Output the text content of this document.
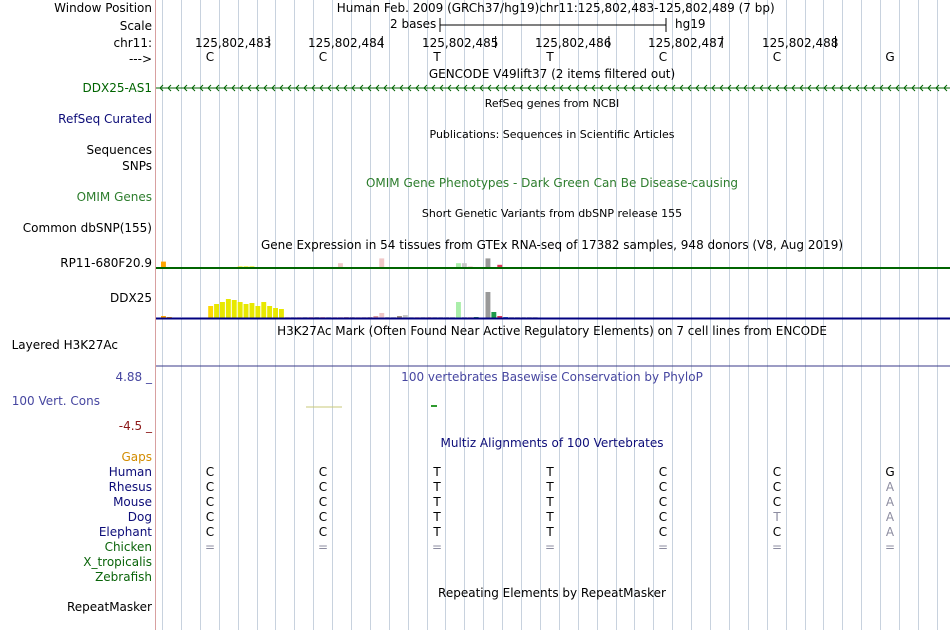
Window Position	Human Feb. 2009 (GRCh37/hg19) chr11:125,802,483-125,802,489 (7 bp)
Scale	2 bases	hg19
chr11:
--->
125,802,483	125,802,484	125,802,485	125,802,486	125,802,487	125,802,488
C	C	T	T	C	C	G
GENCODE V49lift37 (2 items filtered out)
DDX25-AS1
RefSeq genes from NCBI
RefSeq Curated
Publications: Sequences in Scientific Articles
Sequences
SNPs
OMIM Gene Phenotypes - Dark Green Can Be Disease-causing
OMIM Genes
Short Genetic Variants from dbSNP release 155
Common dbSNP(155)
Gene Expression in 54 tissues from GTEx RNA-seq of 17382 samples, 948 donors (V8, Aug 2019)
RP11-680F20.9
DDX25
H3K27Ac Mark (Often Found Near Active Regulatory Elements) on 7 cell lines from ENCODE
Layered H3K27Ac
4.88 _	100 vertebrates Basewise Conservation by PhyloP
100 Vert. Cons
-4.5 _
Multiz Alignments of 100 Vertebrates
Gaps
Human	C	C	T	T	C	C	G
Rhesus	C	C	T	T	C	C	A
Mouse	C	C	T	T	C	C	A
Dog	C	C	T	T	C	T	A
Elephant	C	C	T	T	C	C	A
Chicken	=	=	=	=	=	=	=
X_tropicalis
Zebrafish
Repeating Elements by RepeatMasker
RepeatMasker
